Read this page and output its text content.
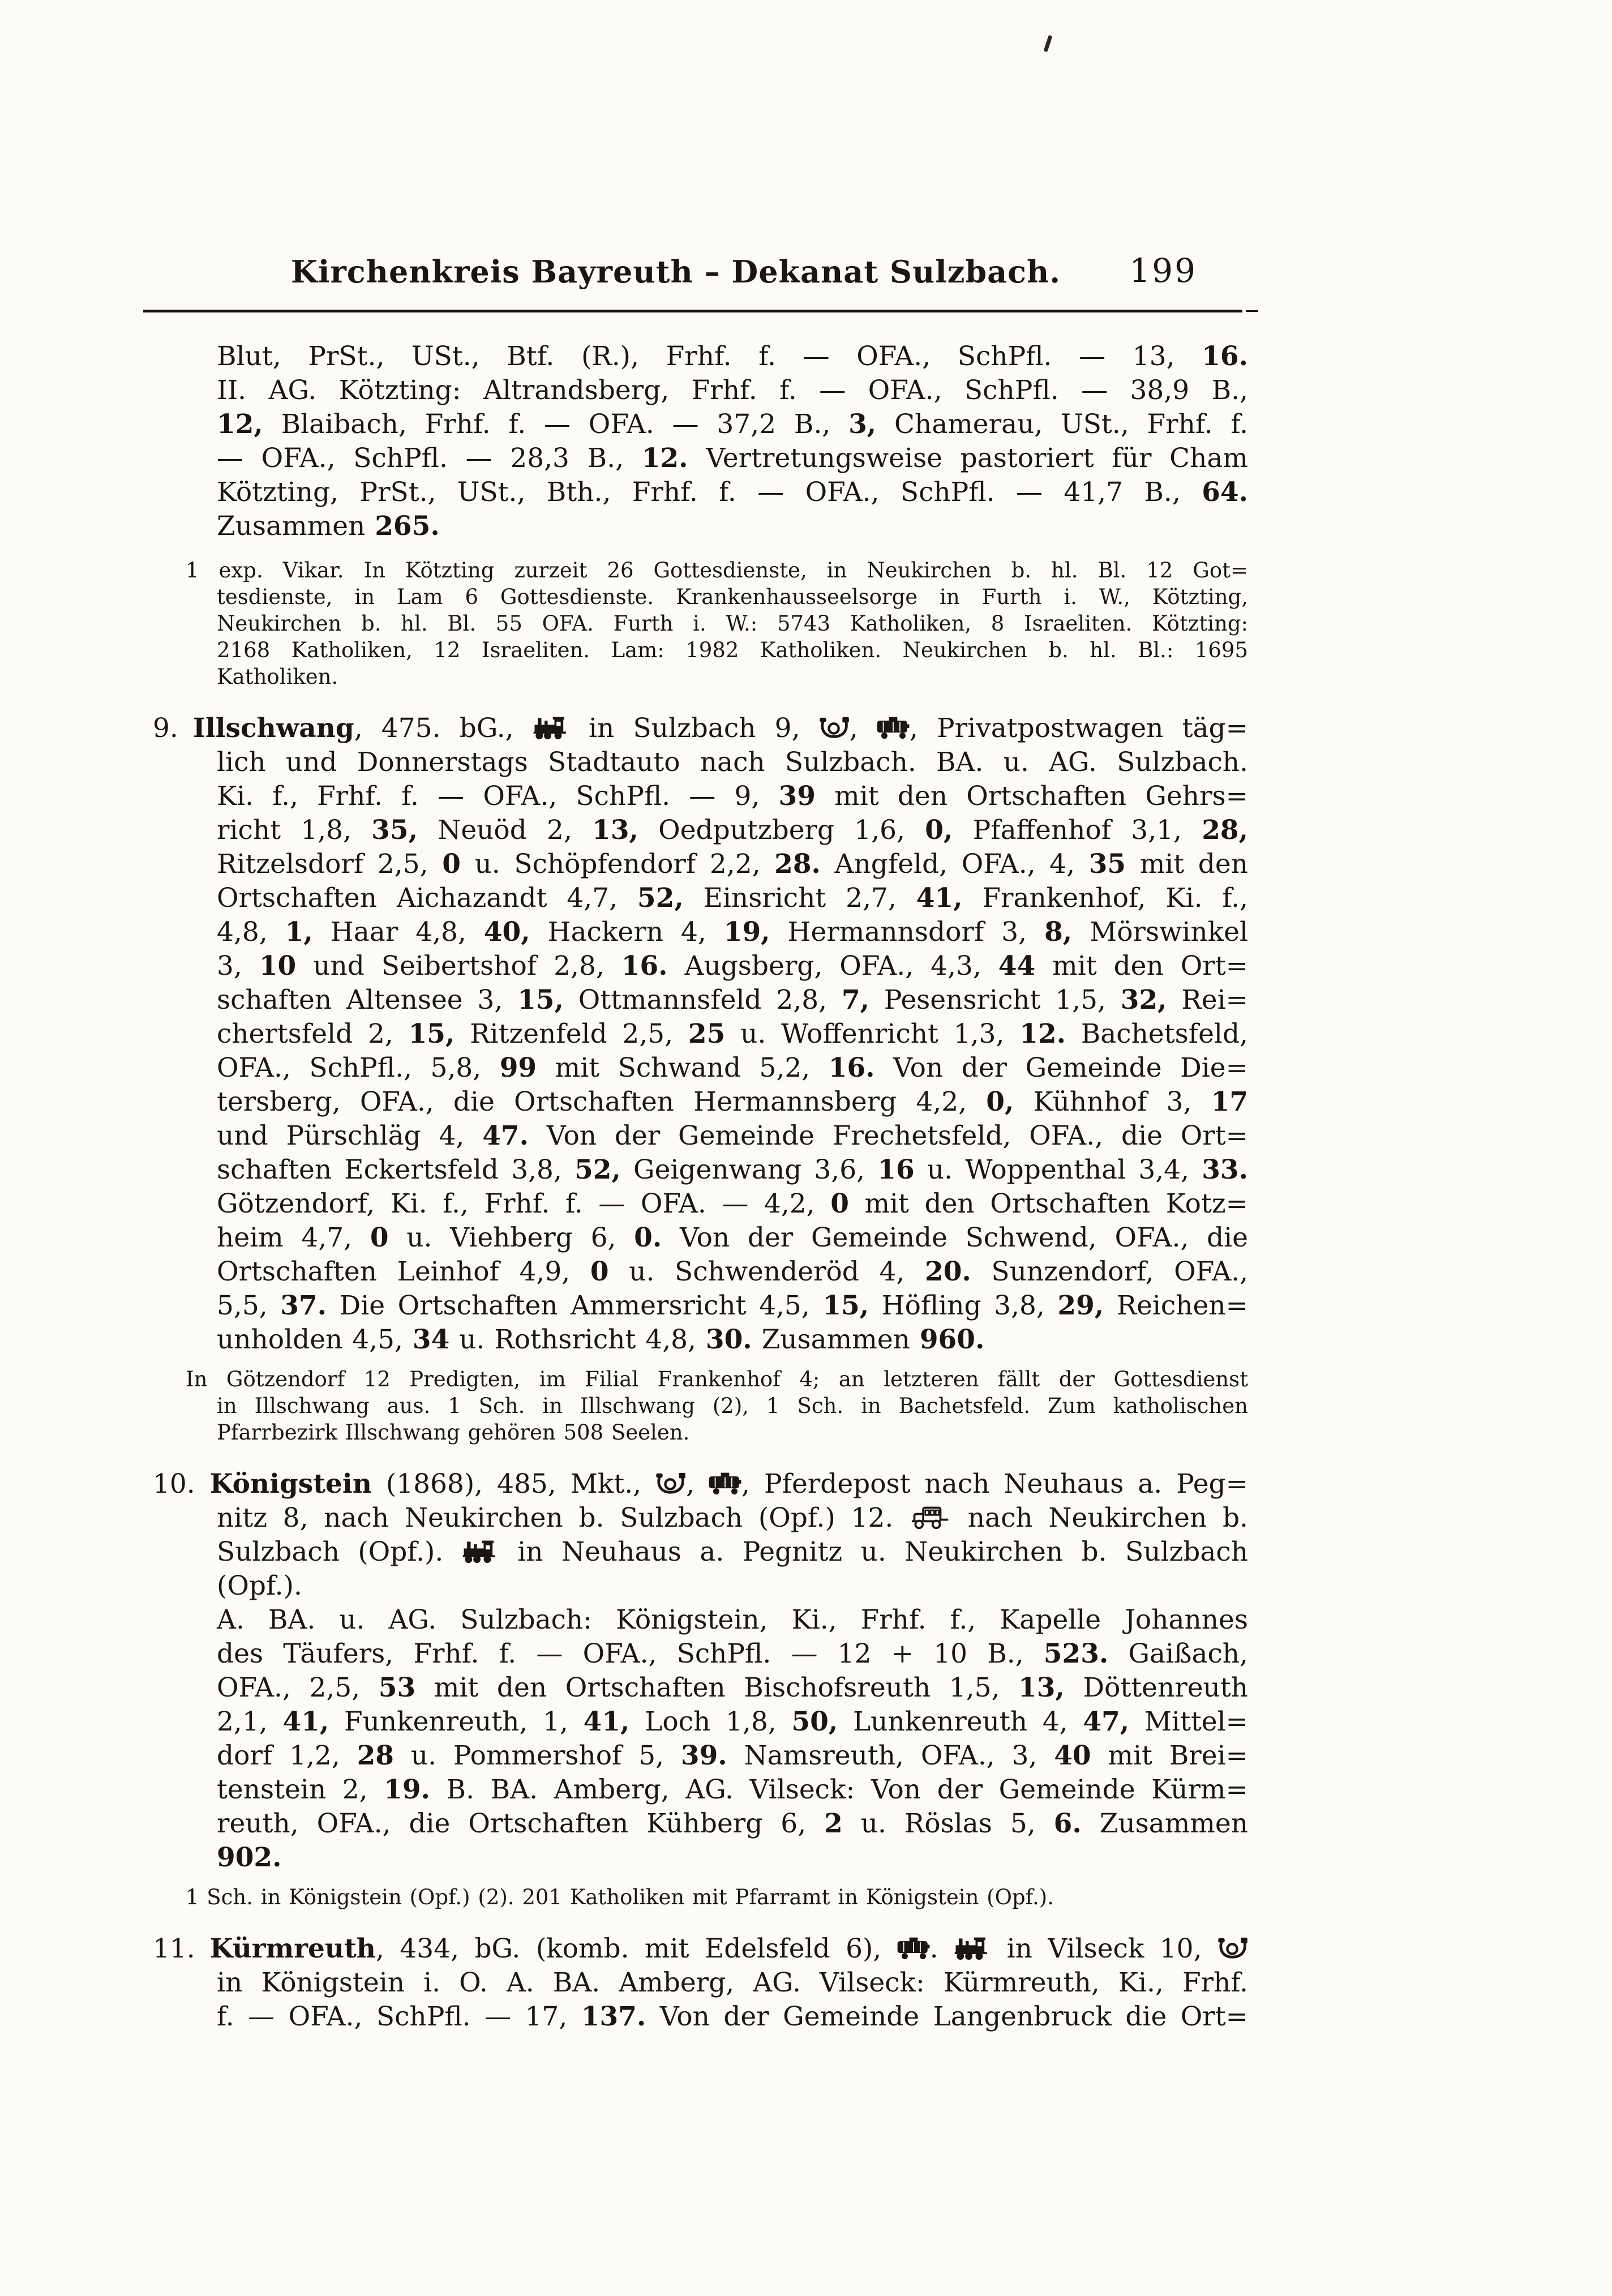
Kirchenkreis Bayreuth – Dekanat Sulzbach.	199
Blut, PrSt., USt., Btf. (R.), Frhf. f. — OFA., SchPfl. — 13, 16.
II. AG. Kötzting: Altrandsberg, Frhf. f. — OFA., SchPfl. — 38,9 B.,
12, Blaibach, Frhf. f. — OFA. — 37,2 B., 3, Chamerau, USt., Frhf. f.
— OFA., SchPfl. — 28,3 B., 12. Vertretungsweise pastoriert für Cham
Kötzting, PrSt., USt., Bth., Frhf. f. — OFA., SchPfl. — 41,7 B., 64.
Zusammen 265.
1 exp. Vikar. In Kötzting zurzeit 26 Gottesdienste, in Neukirchen b. hl. Bl. 12 Got=
tesdienste, in Lam 6 Gottesdienste. Krankenhausseelsorge in Furth i. W., Kötzting,
Neukirchen b. hl. Bl. 55 OFA. Furth i. W.: 5743 Katholiken, 8 Israeliten. Kötzting:
2168 Katholiken, 12 Israeliten. Lam: 1982 Katholiken. Neukirchen b. hl. Bl.: 1695
Katholiken.
9. Illschwang, 475. bG.,  in Sulzbach 9, , , Privatpostwagen täg=
lich und Donnerstags Stadtauto nach Sulzbach. BA. u. AG. Sulzbach.
Ki. f., Frhf. f. — OFA., SchPfl. — 9, 39 mit den Ortschaften Gehrs=
richt 1,8, 35, Neuöd 2, 13, Oedputzberg 1,6, 0, Pfaffenhof 3,1, 28,
Ritzelsdorf 2,5, 0 u. Schöpfendorf 2,2, 28. Angfeld, OFA., 4, 35 mit den
Ortschaften Aichazandt 4,7, 52, Einsricht 2,7, 41, Frankenhof, Ki. f.,
4,8, 1, Haar 4,8, 40, Hackern 4, 19, Hermannsdorf 3, 8, Mörswinkel
3, 10 und Seibertshof 2,8, 16. Augsberg, OFA., 4,3, 44 mit den Ort=
schaften Altensee 3, 15, Ottmannsfeld 2,8, 7, Pesensricht 1,5, 32, Rei=
chertsfeld 2, 15, Ritzenfeld 2,5, 25 u. Woffenricht 1,3, 12. Bachetsfeld,
OFA., SchPfl., 5,8, 99 mit Schwand 5,2, 16. Von der Gemeinde Die=
tersberg, OFA., die Ortschaften Hermannsberg 4,2, 0, Kühnhof 3, 17
und Pürschläg 4, 47. Von der Gemeinde Frechetsfeld, OFA., die Ort=
schaften Eckertsfeld 3,8, 52, Geigenwang 3,6, 16 u. Woppenthal 3,4, 33.
Götzendorf, Ki. f., Frhf. f. — OFA. — 4,2, 0 mit den Ortschaften Kotz=
heim 4,7, 0 u. Viehberg 6, 0. Von der Gemeinde Schwend, OFA., die
Ortschaften Leinhof 4,9, 0 u. Schwenderöd 4, 20. Sunzendorf, OFA.,
5,5, 37. Die Ortschaften Ammersricht 4,5, 15, Höfling 3,8, 29, Reichen=
unholden 4,5, 34 u. Rothsricht 4,8, 30. Zusammen 960.
In Götzendorf 12 Predigten, im Filial Frankenhof 4; an letzteren fällt der Gottesdienst
in Illschwang aus. 1 Sch. in Illschwang (2), 1 Sch. in Bachetsfeld. Zum katholischen
Pfarrbezirk Illschwang gehören 508 Seelen.
10. Königstein (1868), 485, Mkt., , , Pferdepost nach Neuhaus a. Peg=
nitz 8, nach Neukirchen b. Sulzbach (Opf.) 12.  nach Neukirchen b.
Sulzbach (Opf.).  in Neuhaus a. Pegnitz u. Neukirchen b. Sulzbach (Opf.).
A. BA. u. AG. Sulzbach: Königstein, Ki., Frhf. f., Kapelle Johannes
des Täufers, Frhf. f. — OFA., SchPfl. — 12 + 10 B., 523. Gaißach,
OFA., 2,5, 53 mit den Ortschaften Bischofsreuth 1,5, 13, Döttenreuth
2,1, 41, Funkenreuth, 1, 41, Loch 1,8, 50, Lunkenreuth 4, 47, Mittel=
dorf 1,2, 28 u. Pommershof 5, 39. Namsreuth, OFA., 3, 40 mit Brei=
tenstein 2, 19. B. BA. Amberg, AG. Vilseck: Von der Gemeinde Kürm=
reuth, OFA., die Ortschaften Kühberg 6, 2 u. Röslas 5, 6. Zusammen
902.
1 Sch. in Königstein (Opf.) (2). 201 Katholiken mit Pfarramt in Königstein (Opf.).
11. Kürmreuth, 434, bG. (komb. mit Edelsfeld 6), .  in Vilseck 10,
in Königstein i. O. A. BA. Amberg, AG. Vilseck: Kürmreuth, Ki., Frhf.
f. — OFA., SchPfl. — 17, 137. Von der Gemeinde Langenbruck die Ort=
